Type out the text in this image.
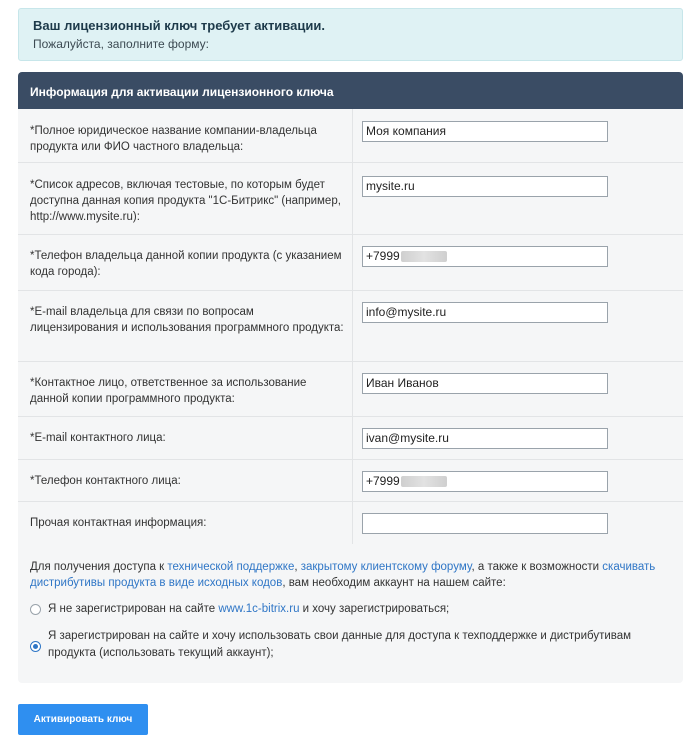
Ваш лицензионный ключ требует активации.
Пожалуйста, заполните форму:
Информация для активации лицензионного ключа
*Полное юридическое название компании-владельца продукта или ФИО частного владельца:
Моя компания
*Список адресов, включая тестовые, по которым будет доступна данная копия продукта "1С-Битрикс" (например, http://www.mysite.ru):
mysite.ru
*Телефон владельца данной копии продукта (с указанием кода города):
+7999
*E-mail владельца для связи по вопросам лицензирования и использования программного продукта:
info@mysite.ru
*Контактное лицо, ответственное за использование данной копии программного продукта:
Иван Иванов
*E-mail контактного лица:	ivan@mysite.ru
*Телефон контактного лица:	+7999
Прочая контактная информация:
Для получения доступа к технической поддержке, закрытому клиентскому форуму, а также к возможности скачивать дистрибутивы продукта в виде исходных кодов, вам необходим аккаунт на нашем сайте:
Я не зарегистрирован на сайте www.1c-bitrix.ru и хочу зарегистрироваться;
Я зарегистрирован на сайте и хочу использовать свои данные для доступа к техподдержке и дистрибутивам продукта (использовать текущий аккаунт);
Активировать ключ
